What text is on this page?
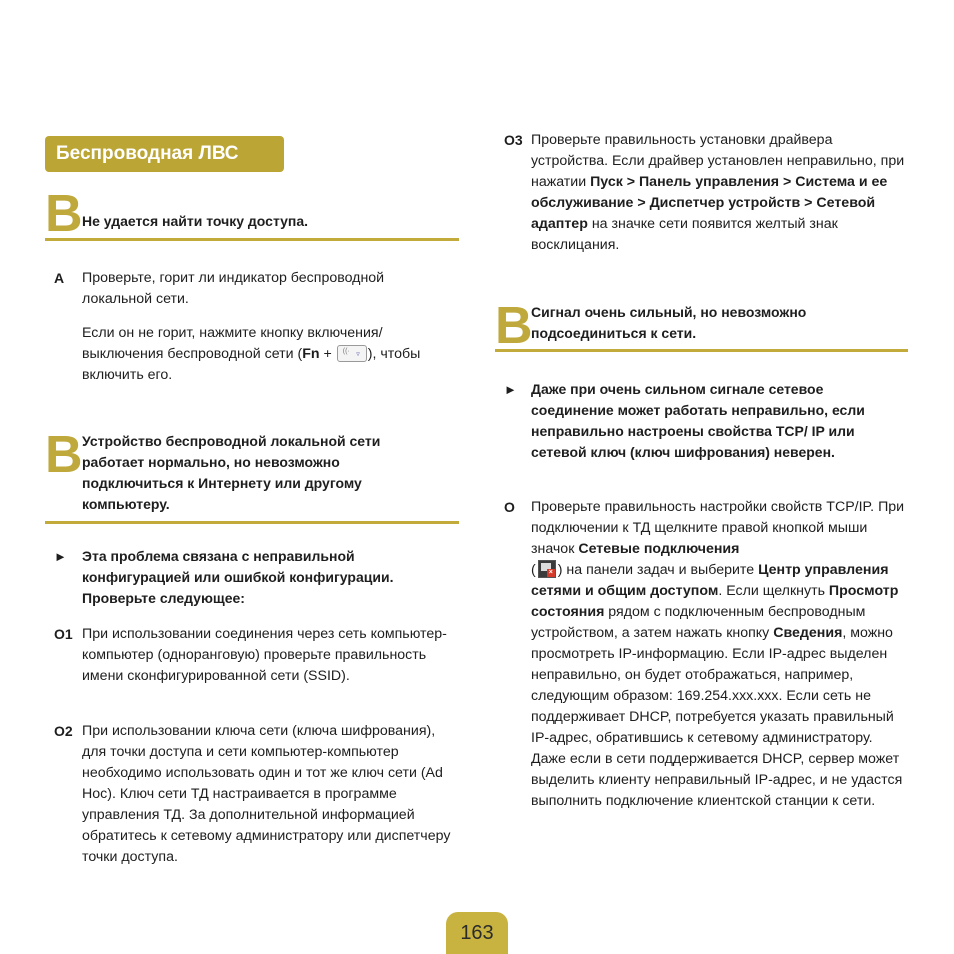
Беспроводная ЛВС
B Не удается найти точку доступа.
A Проверьте, горит ли индикатор беспроводной локальной сети.
Если он не горит, нажмите кнопку включения/ выключения беспроводной сети (Fn + ((· ▿ ), чтобы включить его.
B Устройство беспроводной локальной сети работает нормально, но невозможно подключиться к Интернету или другому компьютеру.
► Эта проблема связана с неправильной конфигурацией или ошибкой конфигурации. Проверьте следующее:
O1 При использовании соединения через сеть компьютер-компьютер (одноранговую) проверьте правильность имени сконфигурированной сети (SSID).
O2 При использовании ключа сети (ключа шифрования), для точки доступа и сети компьютер-компьютер необходимо использовать один и тот же ключ сети (Ad Hoc). Ключ сети ТД настраивается в программе управления ТД. За дополнительной информацией обратитесь к сетевому администратору или диспетчеру точки доступа.
O3 Проверьте правильность установки драйвера устройства. Если драйвер установлен неправильно, при нажатии Пуск > Панель управления > Система и ее обслуживание > Диспетчер устройств > Сетевой адаптер на значке сети появится желтый знак восклицания.
B
Сигнал очень сильный, но невозможно подсоединиться к сети.
► Даже при очень сильном сигнале сетевое соединение может работать неправильно, если неправильно настроены свойства TCP/ IP или сетевой ключ (ключ шифрования) неверен.
O Проверьте правильность настройки свойств TCP/IP. При подключении к ТД щелкните правой кнопкой мыши значок Сетевые подключения
( × ) на панели задач и выберите Центр управления сетями и общим доступом. Если щелкнуть Просмотр состояния рядом с подключенным беспроводным устройством, а затем нажать кнопку Сведения, можно просмотреть IP-информацию. Если IP-адрес выделен неправильно, он будет отображаться, например, следующим образом: 169.254.xxx.xxx. Если сеть не поддерживает DHCP, потребуется указать правильный IP-адрес, обратившись к сетевому администратору.
Даже если в сети поддерживается DHCP, сервер может выделить клиенту неправильный IP-адрес, и не удастся выполнить подключение клиентской станции к сети.
163
